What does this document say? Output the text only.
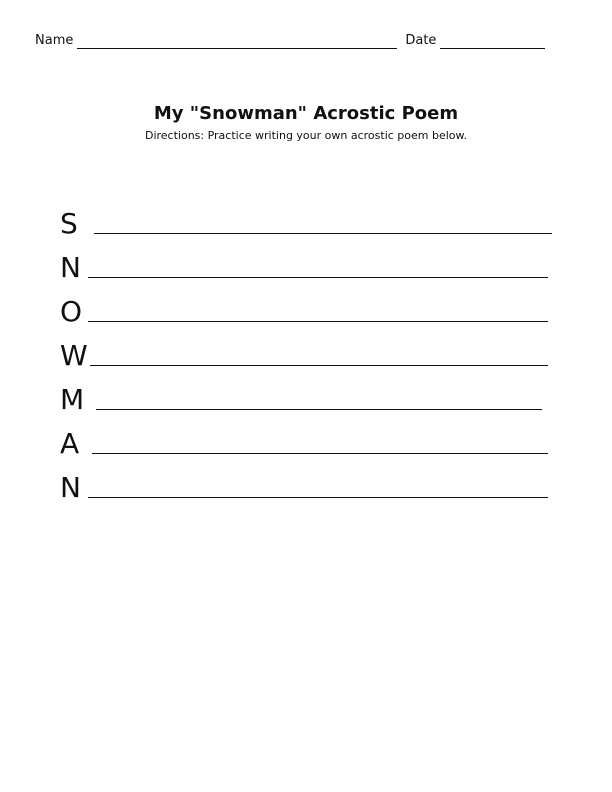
Name	Date
My "Snowman" Acrostic Poem
Directions: Practice writing your own acrostic poem below.
S
N
O
W
M
A
N
